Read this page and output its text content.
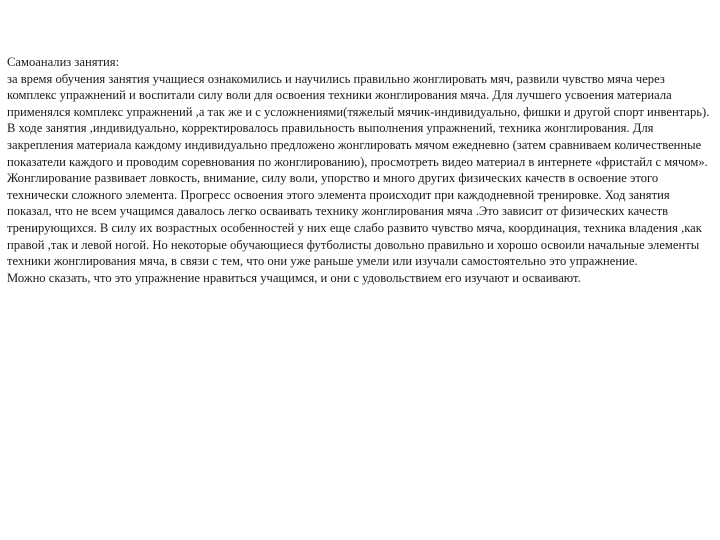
Самоанализ занятия:

за время обучения занятия учащиеся ознакомились и научились правильно жонглировать мяч, развили чувство мяча через комплекс упражнений и воспитали силу воли для освоения техники жонглирования мяча. Для лучшего усвоения материала применялся комплекс упражнений ,а так же и с усложнениями(тяжелый мячик-индивидуально, фишки и другой спорт инвентарь). В ходе занятия ,индивидуально, корректировалось правильность выполнения упражнений, техника жонглирования. Для закрепления материала каждому индивидуально предложено жонглировать мячом ежедневно (затем сравниваем количественные показатели каждого и проводим соревнования по жонглированию), просмотреть видео материал в интернете «фристайл с мячом». Жонглирование развивает ловкость, внимание, силу воли, упорство и много других физических качеств в освоение этого технически сложного элемента. Прогресс освоения этого элемента происходит при каждодневной тренировке. Ход занятия показал, что не всем учащимся давалось легко осваивать технику жонглирования мяча .Это зависит от физических качеств тренирующихся. В силу их возрастных особенностей у них еще слабо развито чувство мяча, координация, техника владения ,как правой ,так и левой ногой. Но некоторые обучающиеся футболисты довольно правильно и хорошо освоили начальные элементы техники жонглирования мяча, в связи с тем, что они уже раньше умели или изучали самостоятельно это упражнение.

Можно сказать, что это упражнение нравиться учащимся, и они с удовольствием его изучают и осваивают.
